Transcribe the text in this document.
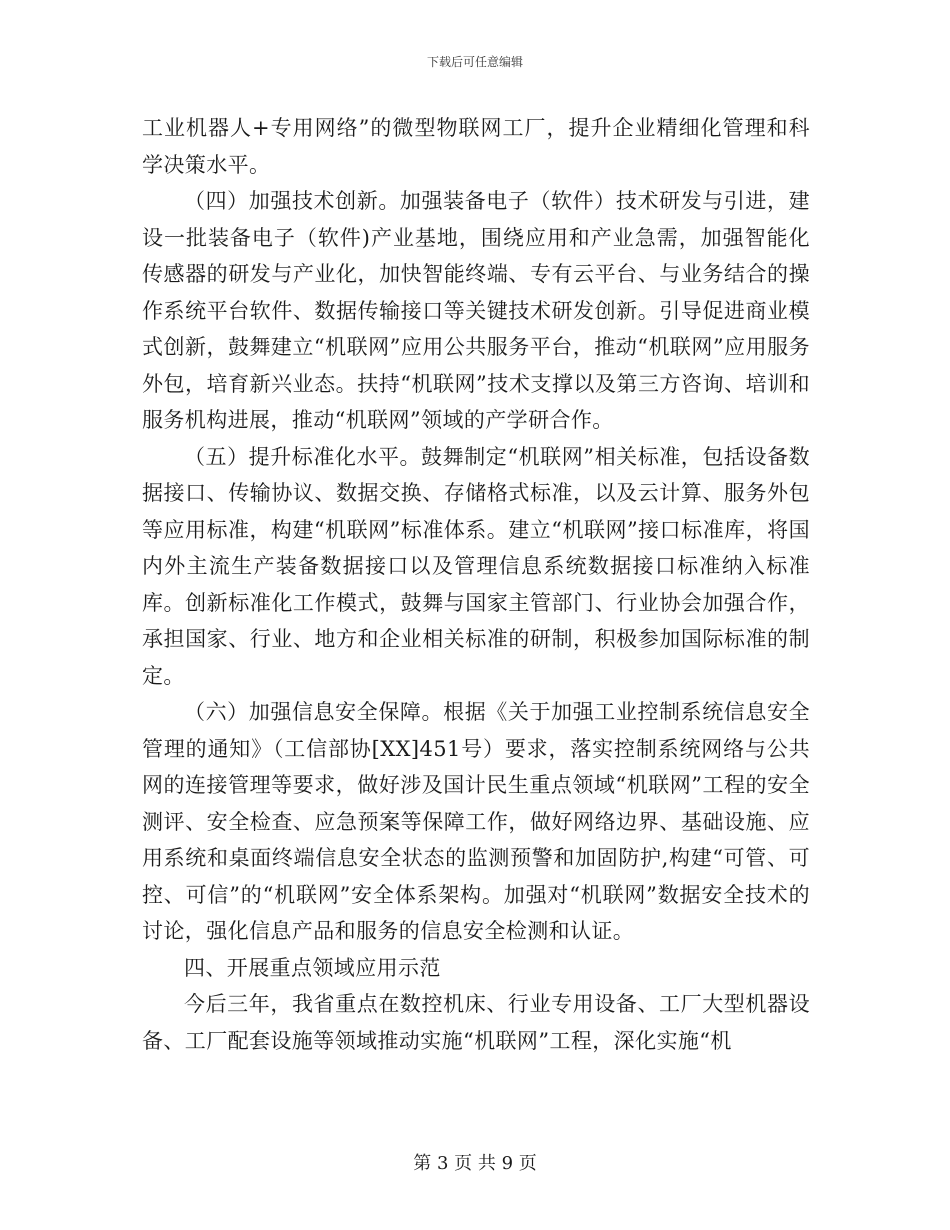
下载后可任意编辑

工业机器人+专用网络”的微型物联网工厂，提升企业精细化管理和科学决策水平。

（四）加强技术创新。加强装备电子（软件）技术研发与引进，建设一批装备电子（软件)产业基地，围绕应用和产业急需，加强智能化传感器的研发与产业化，加快智能终端、专有云平台、与业务结合的操作系统平台软件、数据传输接口等关键技术研发创新。引导促进商业模式创新，鼓舞建立“机联网”应用公共服务平台，推动“机联网”应用服务外包，培育新兴业态。扶持“机联网”技术支撑以及第三方咨询、培训和服务机构进展，推动“机联网”领域的产学研合作。

（五）提升标准化水平。鼓舞制定“机联网”相关标准，包括设备数据接口、传输协议、数据交换、存储格式标准，以及云计算、服务外包等应用标准，构建“机联网”标准体系。建立“机联网”接口标准库，将国内外主流生产装备数据接口以及管理信息系统数据接口标准纳入标准库。创新标准化工作模式，鼓舞与国家主管部门、行业协会加强合作，承担国家、行业、地方和企业相关标准的研制，积极参加国际标准的制定。

（六）加强信息安全保障。根据《关于加强工业控制系统信息安全管理的通知》（工信部协[XX]451号）要求，落实控制系统网络与公共网的连接管理等要求，做好涉及国计民生重点领域“机联网”工程的安全测评、安全检查、应急预案等保障工作，做好网络边界、基础设施、应用系统和桌面终端信息安全状态的监测预警和加固防护,构建“可管、可控、可信”的“机联网”安全体系架构。加强对“机联网”数据安全技术的讨论，强化信息产品和服务的信息安全检测和认证。

四、开展重点领域应用示范

今后三年，我省重点在数控机床、行业专用设备、工厂大型机器设备、工厂配套设施等领域推动实施“机联网”工程，深化实施“机

第 3 页 共 9 页
